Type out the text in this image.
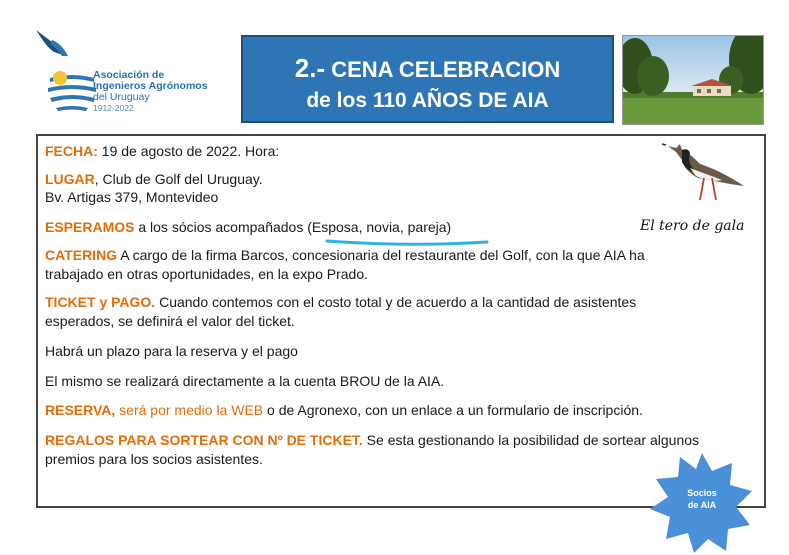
Asociación de
Ingenieros Agrónomos
del Uruguay
1912-2022
2.- CENA CELEBRACION
de los 110 AÑOS DE AIA
FECHA: 19 de agosto de 2022. Hora:
LUGAR, Club de Golf del Uruguay.
Bv. Artigas 379, Montevideo
ESPERAMOS a los sócios acompañados (Esposa, novia, pareja)
CATERING A cargo de la firma Barcos, concesionaria del restaurante del Golf, con la que AIA ha
trabajado en otras oportunidades, en la expo Prado.
TICKET y PAGO. Cuando contemos con el costo total y de acuerdo a la cantidad de asistentes
esperados, se definirá el valor del ticket.
Habrá un plazo para la reserva y el pago
El mismo se realizará directamente a la cuenta BROU de la AIA.
RESERVA, será por medio la WEB o de Agronexo, con un enlace a un formulario de inscripción.
REGALOS PARA SORTEAR CON Nº DE TICKET. Se esta gestionando la posibilidad de sortear algunos
premios para los socios asistentes.
El tero de gala
Socios
de AIA
